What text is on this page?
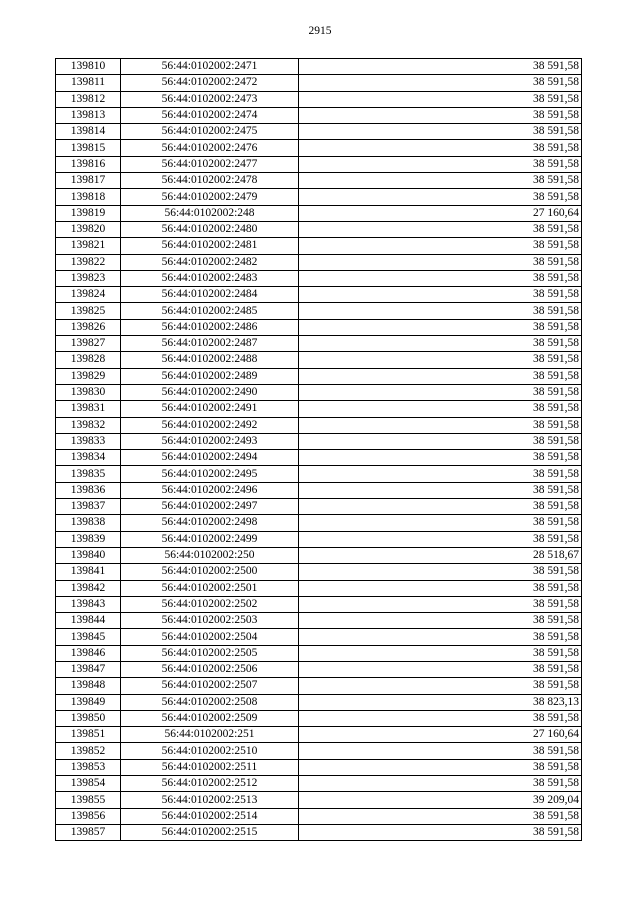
2915
139810	56:44:0102002:2471	38 591,58
139811	56:44:0102002:2472	38 591,58
139812	56:44:0102002:2473	38 591,58
139813	56:44:0102002:2474	38 591,58
139814	56:44:0102002:2475	38 591,58
139815	56:44:0102002:2476	38 591,58
139816	56:44:0102002:2477	38 591,58
139817	56:44:0102002:2478	38 591,58
139818	56:44:0102002:2479	38 591,58
139819	56:44:0102002:248	27 160,64
139820	56:44:0102002:2480	38 591,58
139821	56:44:0102002:2481	38 591,58
139822	56:44:0102002:2482	38 591,58
139823	56:44:0102002:2483	38 591,58
139824	56:44:0102002:2484	38 591,58
139825	56:44:0102002:2485	38 591,58
139826	56:44:0102002:2486	38 591,58
139827	56:44:0102002:2487	38 591,58
139828	56:44:0102002:2488	38 591,58
139829	56:44:0102002:2489	38 591,58
139830	56:44:0102002:2490	38 591,58
139831	56:44:0102002:2491	38 591,58
139832	56:44:0102002:2492	38 591,58
139833	56:44:0102002:2493	38 591,58
139834	56:44:0102002:2494	38 591,58
139835	56:44:0102002:2495	38 591,58
139836	56:44:0102002:2496	38 591,58
139837	56:44:0102002:2497	38 591,58
139838	56:44:0102002:2498	38 591,58
139839	56:44:0102002:2499	38 591,58
139840	56:44:0102002:250	28 518,67
139841	56:44:0102002:2500	38 591,58
139842	56:44:0102002:2501	38 591,58
139843	56:44:0102002:2502	38 591,58
139844	56:44:0102002:2503	38 591,58
139845	56:44:0102002:2504	38 591,58
139846	56:44:0102002:2505	38 591,58
139847	56:44:0102002:2506	38 591,58
139848	56:44:0102002:2507	38 591,58
139849	56:44:0102002:2508	38 823,13
139850	56:44:0102002:2509	38 591,58
139851	56:44:0102002:251	27 160,64
139852	56:44:0102002:2510	38 591,58
139853	56:44:0102002:2511	38 591,58
139854	56:44:0102002:2512	38 591,58
139855	56:44:0102002:2513	39 209,04
139856	56:44:0102002:2514	38 591,58
139857	56:44:0102002:2515	38 591,58
